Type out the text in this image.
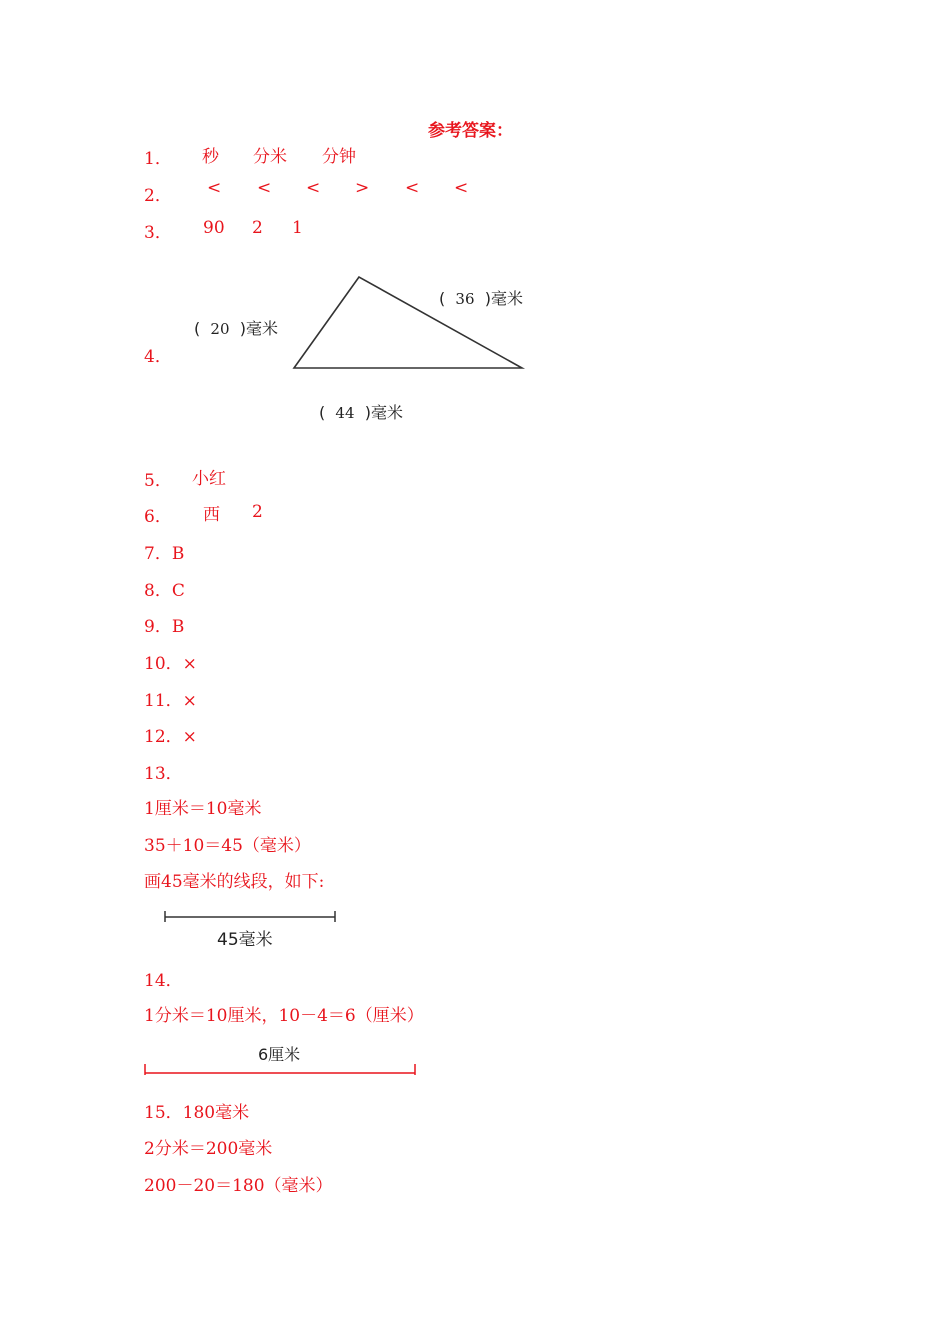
参考答案：
1． 秒 分米 分钟
2． < < < > < <
3． 90 2 1
4．
( 20 )毫米
( 36 )毫米
( 44 )毫米
5． 小红
6． 西 2
7．B
8．C
9．B
10．×
11．×
12．×
13．
1厘米＝10毫米
35＋10＝45（毫米）
画45毫米的线段，如下:
45毫米
14．
1分米＝10厘米，10－4＝6（厘米）
6厘米
15．180毫米
2分米＝200毫米
200－20＝180（毫米）
